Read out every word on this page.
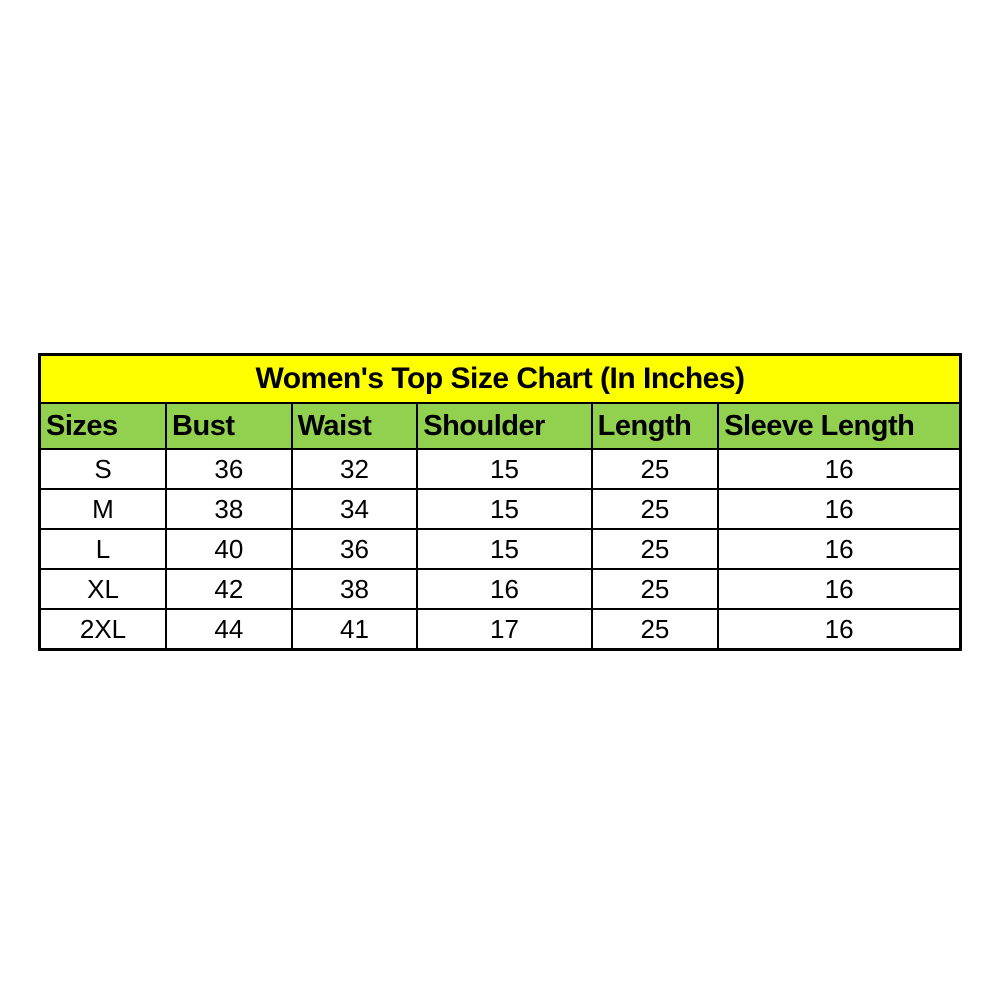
Women's Top Size Chart (In Inches)					
Sizes	Bust	Waist	Shoulder	Length	Sleeve Length
S	36	32	15	25	16
M	38	34	15	25	16
L	40	36	15	25	16
XL	42	38	16	25	16
2XL	44	41	17	25	16
